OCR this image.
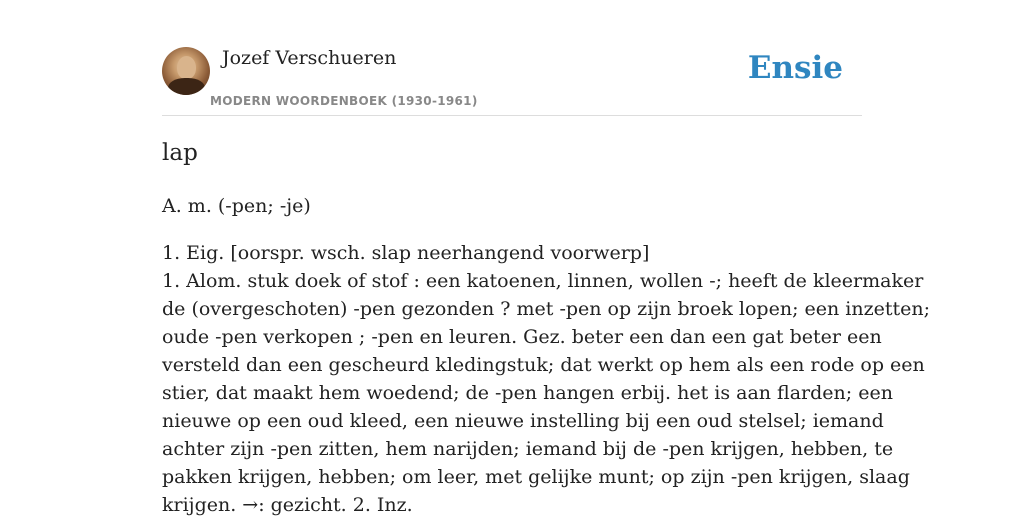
Jozef Verschueren
MODERN WOORDENBOEK (1930-1961)
Ensie
lap
A. m. (-pen; -je)

1. Eig. [oorspr. wsch. slap neerhangend voorwerp]

1. Alom. stuk doek of stof : een katoenen, linnen, wollen -; heeft de kleermaker

de (overgeschoten) -pen gezonden ? met -pen op zijn broek lopen; een inzetten;

oude -pen verkopen ; -pen en leuren. Gez. beter een dan een gat beter een

versteld dan een gescheurd kledingstuk; dat werkt op hem als een rode op een

stier, dat maakt hem woedend; de -pen hangen erbij. het is aan flarden; een

nieuwe op een oud kleed, een nieuwe instelling bij een oud stelsel; iemand

achter zijn -pen zitten, hem narijden; iemand bij de -pen krijgen, hebben, te

pakken krijgen, hebben; om leer, met gelijke munt; op zijn -pen krijgen, slaag

krijgen. →: gezicht. 2. Inz.
